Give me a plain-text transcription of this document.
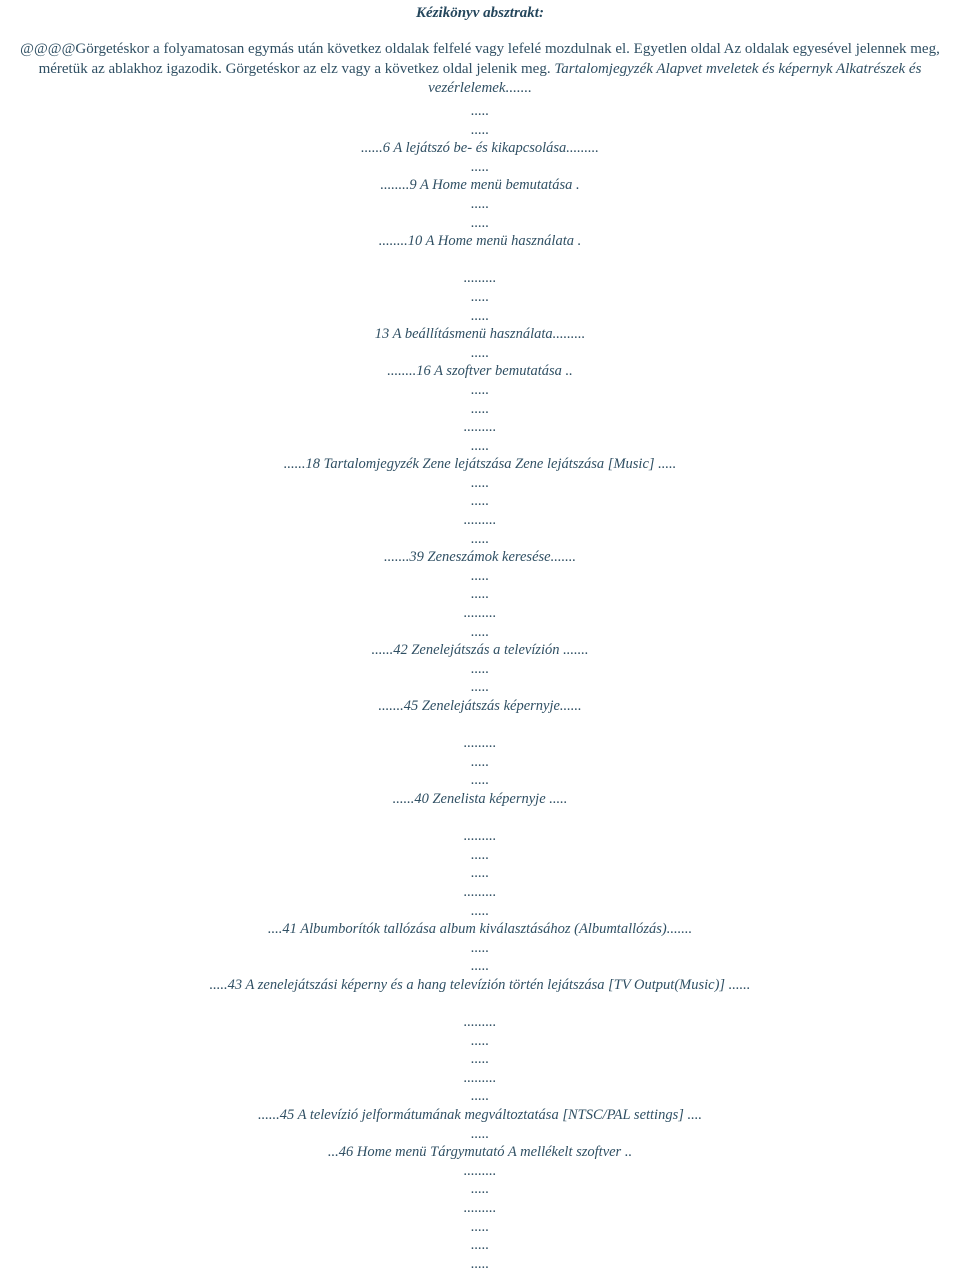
Kézikönyv absztrakt:
@@@@Görgetéskor a folyamatosan egymás után következ oldalak felfelé vagy lefelé mozdulnak el. Egyetlen oldal Az oldalak egyesével jelennek meg, méretük az ablakhoz igazodik. Görgetéskor az elz vagy a következ oldal jelenik meg. Tartalomjegyzék Alapvet mveletek és képernyk Alkatrészek és vezérlelemek.......
.....
.....
......6 A lejátszó be- és kikapcsolása.........
.....
........9 A Home menü bemutatása .
.....
.....
........10 A Home menü használata .
.........
.....
.....
13 A beállításmenü használata.........
.....
........16 A szoftver bemutatása ..
.....
.....
.........
.....
......18 Tartalomjegyzék Zene lejátszása Zene lejátszása [Music] .....
.....
.....
.........
.....
.......39 Zeneszámok keresése.......
.....
.....
.........
.....
......42 Zenelejátszás a televízión .......
.....
.....
.......45 Zenelejátszás képernyje......
.........
.....
.....
......40 Zenelista képernyje .....
.........
.....
.....
.........
.....
....41 Albumborítók tallózása album kiválasztásához (Albumtallózás).......
.....
.....
.....43 A zenelejátszási képerny és a hang televízión történ lejátszása [TV Output(Music)] ......
.........
.....
.....
.........
.....
......45 A televízió jelformátumának megváltoztatása [NTSC/PAL settings] ....
.....
...46 Home menü Tárgymutató A mellékelt szoftver ..
.........
.....
.........
.....
.....
.....
